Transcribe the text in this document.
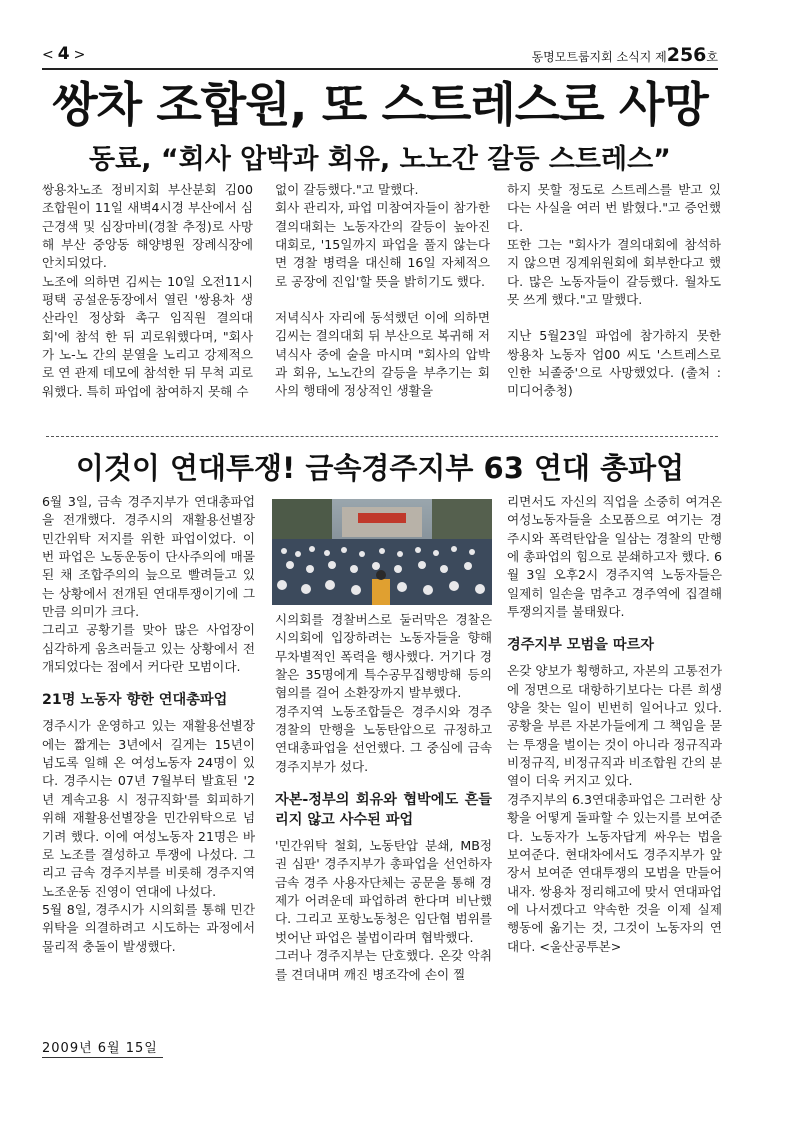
< 4 >	동명모트룹지회 소식지 제256호
쌍차 조합원, 또 스트레스로 사망
동료, “회사 압박과 회유, 노노간 갈등 스트레스”

쌍용차노조 정비지회 부산분회 김00 조합원이 11일 새벽4시경 부산에서 심근경색 및 심장마비(경찰 추정)로 사망해 부산 중앙동 해양병원 장례식장에 안치되었다.

노조에 의하면 김씨는 10일 오전11시 평택 공설운동장에서 열린 '쌍용차 생산라인 정상화 촉구 임직원 결의대회'에 참석 한 뒤 괴로워했다며, "회사가 노-노 간의 분열을 노리고 강제적으로 연 관제 데모에 참석한 뒤 무척 괴로워했다. 특히 파업에 참여하지 못해 수

없이 갈등했다."고 말했다.

회사 관리자, 파업 미참여자들이 참가한 결의대회는 노동자간의 갈등이 높아진 대회로, '15일까지 파업을 풀지 않는다면 경찰 병력을 대신해 16일 자체적으로 공장에 진입'할 뜻을 밝히기도 했다.

저녁식사 자리에 동석했던 이에 의하면 김씨는 결의대회 뒤 부산으로 복귀해 저녁식사 중에 술을 마시며 "회사의 압박과 회유, 노노간의 갈등을 부추기는 회사의 행태에 정상적인 생활을

하지 못할 정도로 스트레스를 받고 있다는 사실을 여러 번 밝혔다."고 증언했다.

또한 그는 "회사가 결의대회에 참석하지 않으면 징계위원회에 회부한다고 했다. 많은 노동자들이 갈등했다. 월차도 못 쓰게 했다."고 말했다.

지난 5월23일 파업에 참가하지 못한 쌍용차 노동자 엄00 씨도 '스트레스로 인한 뇌졸중'으로 사망했었다. (출처 : 미디어충청)

이것이 연대투쟁! 금속경주지부 63 연대 총파업

6월 3일, 금속 경주지부가 연대총파업을 전개했다. 경주시의 재활용선별장 민간위탁 저지를 위한 파업이었다. 이번 파업은 노동운동이 단사주의에 매몰된 채 조합주의의 늪으로 빨려들고 있는 상황에서 전개된 연대투쟁이기에 그만큼 의미가 크다.

그리고 공황기를 맞아 많은 사업장이 심각하게 움츠러들고 있는 상황에서 전개되었다는 점에서 커다란 모범이다.

21명 노동자 향한 연대총파업

경주시가 운영하고 있는 재활용선별장에는 짧게는 3년에서 길게는 15년이 넘도록 일해 온 여성노동자 24명이 있다. 경주시는 07년 7월부터 발효된 '2년 계속고용 시 정규직화'를 회피하기 위해 재활용선별장을 민간위탁으로 넘기려 했다. 이에 여성노동자 21명은 바로 노조를 결성하고 투쟁에 나섰다. 그리고 금속 경주지부를 비롯해 경주지역 노조운동 진영이 연대에 나섰다.

5월 8일, 경주시가 시의회를 통해 민간위탁을 의결하려고 시도하는 과정에서 물리적 충돌이 발생했다.

시의회를 경찰버스로 둘러막은 경찰은 시의회에 입장하려는 노동자들을 향해 무차별적인 폭력을 행사했다. 거기다 경찰은 35명에게 특수공무집행방해 등의 혐의를 걸어 소환장까지 발부했다.

경주지역 노동조합들은 경주시와 경주경찰의 만행을 노동탄압으로 규정하고 연대총파업을 선언했다. 그 중심에 금속 경주지부가 섰다.

자본-정부의 회유와 협박에도 흔들리지 않고 사수된 파업

'민간위탁 철회, 노동탄압 분쇄, MB정권 심판' 경주지부가 총파업을 선언하자 금속 경주 사용자단체는 공문을 통해 경제가 어려운데 파업하려 한다며 비난했다. 그리고 포항노동청은 임단협 범위를 벗어난 파업은 불법이라며 협박했다.

그러나 경주지부는 단호했다. 온갖 악취를 견뎌내며 깨진 병조각에 손이 찔

리면서도 자신의 직업을 소중히 여겨온 여성노동자들을 소모품으로 여기는 경주시와 폭력탄압을 일삼는 경찰의 만행에 총파업의 힘으로 분쇄하고자 했다. 6월 3일 오후2시 경주지역 노동자들은 일제히 일손을 멈추고 경주역에 집결해 투쟁의지를 불태웠다.

경주지부 모범을 따르자

온갖 양보가 횡행하고, 자본의 고통전가에 정면으로 대항하기보다는 다른 희생양을 찾는 일이 빈번히 일어나고 있다. 공황을 부른 자본가들에게 그 책임을 묻는 투쟁을 벌이는 것이 아니라 정규직과 비정규직, 비정규직과 비조합원 간의 분열이 더욱 커지고 있다.

경주지부의 6.3연대총파업은 그러한 상황을 어떻게 돌파할 수 있는지를 보여준다. 노동자가 노동자답게 싸우는 법을 보여준다. 현대차에서도 경주지부가 앞장서 보여준 연대투쟁의 모범을 만들어내자. 쌍용차 정리해고에 맞서 연대파업에 나서겠다고 약속한 것을 이제 실제 행동에 옮기는 것, 그것이 노동자의 연대다. <울산공투본>

2009년 6월 15일
